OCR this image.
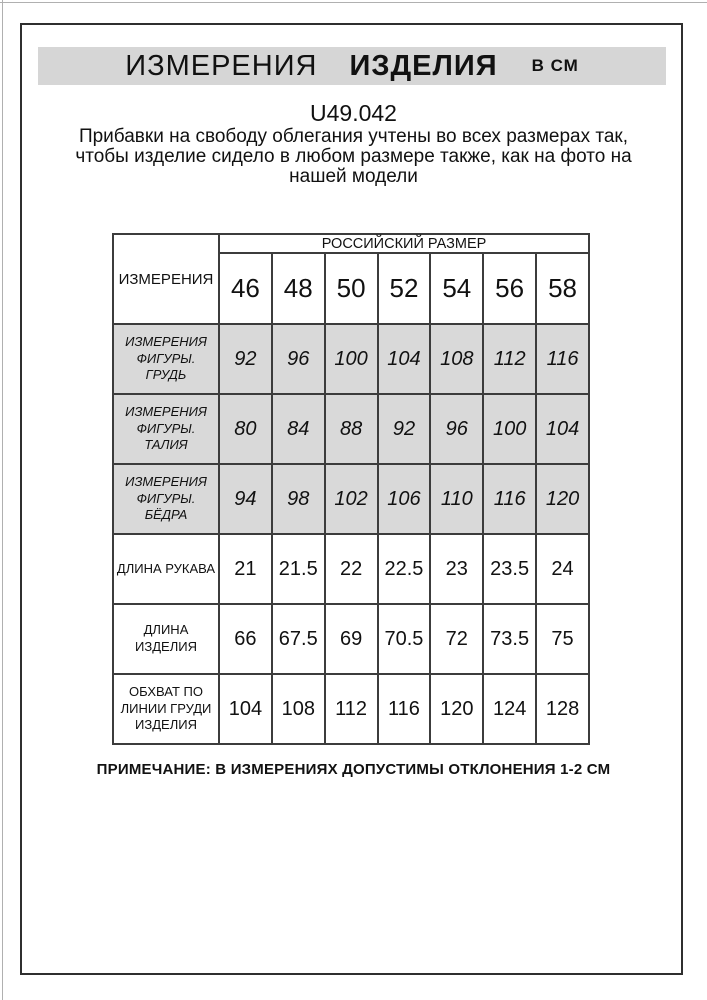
ИЗМЕРЕНИЯ ИЗДЕЛИЯ В СМ
U49.042
Прибавки на свободу облегания учтены во всех размерах так,
чтобы изделие сидело в любом размере также, как на фото на
нашей модели
ИЗМЕРЕНИЯ	РОССИЙСКИЙ РАЗМЕР						
	46	48	50	52	54	56	58
ИЗМЕРЕНИЯ ФИГУРЫ. ГРУДЬ	92	96	100	104	108	112	116
ИЗМЕРЕНИЯ ФИГУРЫ. ТАЛИЯ	80	84	88	92	96	100	104
ИЗМЕРЕНИЯ ФИГУРЫ. БЁДРА	94	98	102	106	110	116	120
ДЛИНА РУКАВА	21	21.5	22	22.5	23	23.5	24
ДЛИНА ИЗДЕЛИЯ	66	67.5	69	70.5	72	73.5	75
ОБХВАТ ПО ЛИНИИ ГРУДИ ИЗДЕЛИЯ	104	108	112	116	120	124	128
ПРИМЕЧАНИЕ: В ИЗМЕРЕНИЯХ ДОПУСТИМЫ ОТКЛОНЕНИЯ 1-2 СМ
